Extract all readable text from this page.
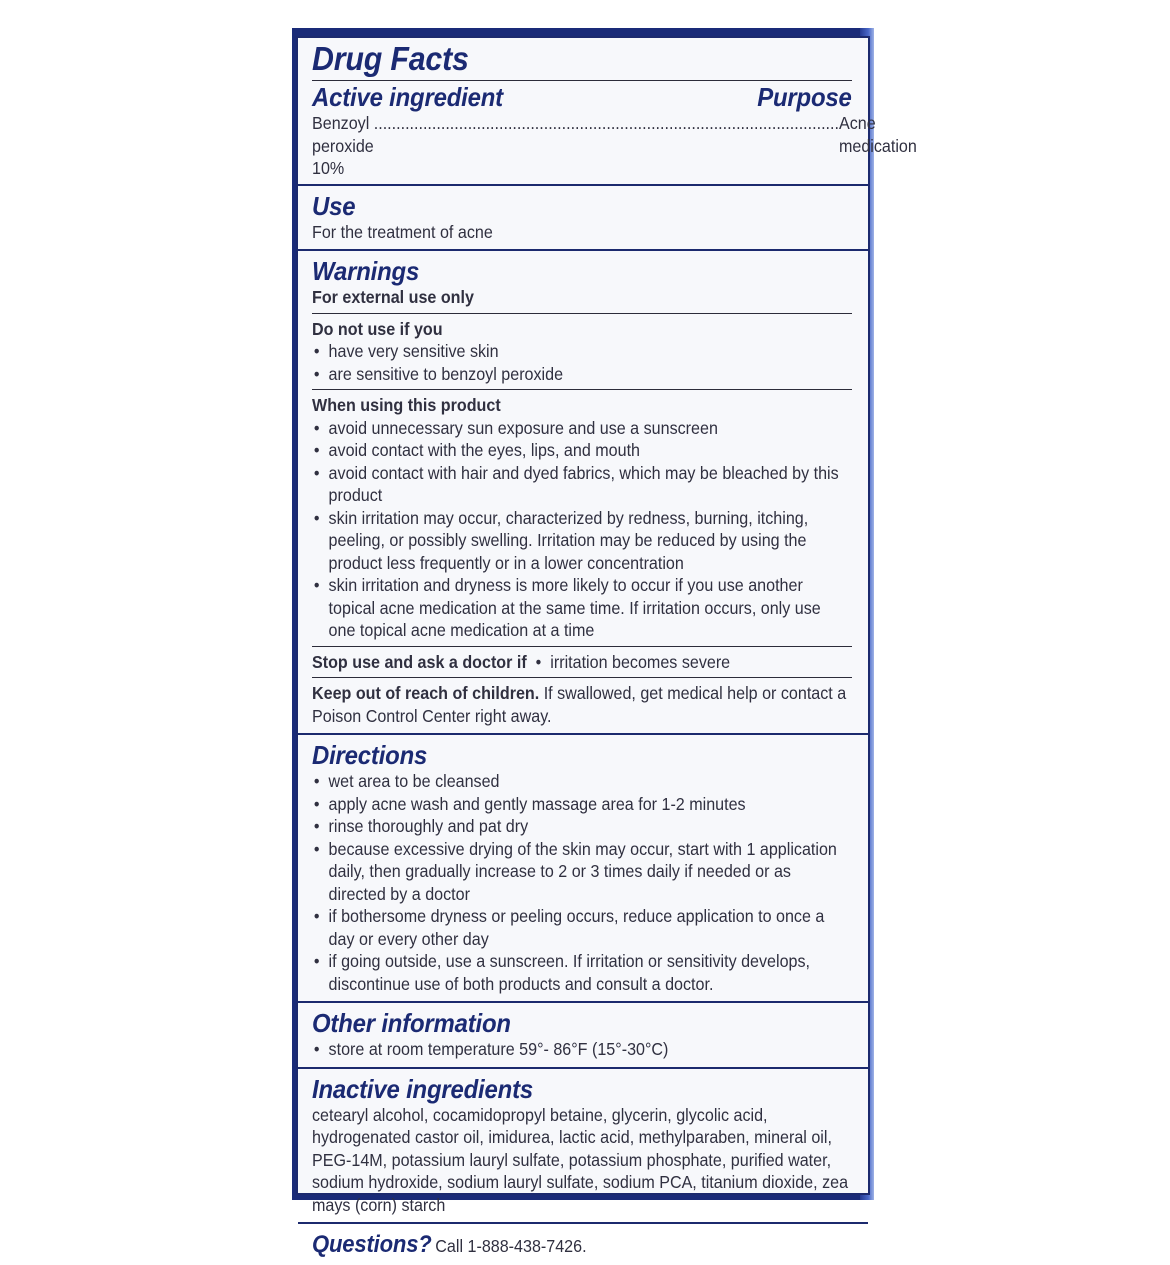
Drug Facts
Active ingredient	Purpose
Benzoyl peroxide 10%
........................................................................................................ Acne medication
Use
For the treatment of acne
Warnings
For external use only
Do not use if you
• have very sensitive skin
• are sensitive to benzoyl peroxide
When using this product
• avoid unnecessary sun exposure and use a sunscreen
• avoid contact with the eyes, lips, and mouth
• avoid contact with hair and dyed fabrics, which may be bleached by this product
• skin irritation may occur, characterized by redness, burning, itching, peeling, or possibly swelling. Irritation may be reduced by using the product less frequently or in a lower concentration
• skin irritation and dryness is more likely to occur if you use another topical acne medication at the same time. If irritation occurs, only use one topical acne medication at a time
Stop use and ask a doctor if  •  irritation becomes severe
Keep out of reach of children. If swallowed, get medical help or contact a Poison Control Center right away.
Directions
• wet area to be cleansed
• apply acne wash and gently massage area for 1-2 minutes
• rinse thoroughly and pat dry
• because excessive drying of the skin may occur, start with 1 application daily, then gradually increase to 2 or 3 times daily if needed or as directed by a doctor
• if bothersome dryness or peeling occurs, reduce application to once a day or every other day
• if going outside, use a sunscreen. If irritation or sensitivity develops, discontinue use of both products and consult a doctor.
Other information
• store at room temperature 59°- 86°F (15°-30°C)
Inactive ingredients
cetearyl alcohol, cocamidopropyl betaine, glycerin, glycolic acid, hydrogenated castor oil, imidurea, lactic acid, methylparaben, mineral oil, PEG-14M, potassium lauryl sulfate, potassium phosphate, purified water, sodium hydroxide, sodium lauryl sulfate, sodium PCA, titanium dioxide, zea mays (corn) starch
Questions? Call 1-888-438-7426.
